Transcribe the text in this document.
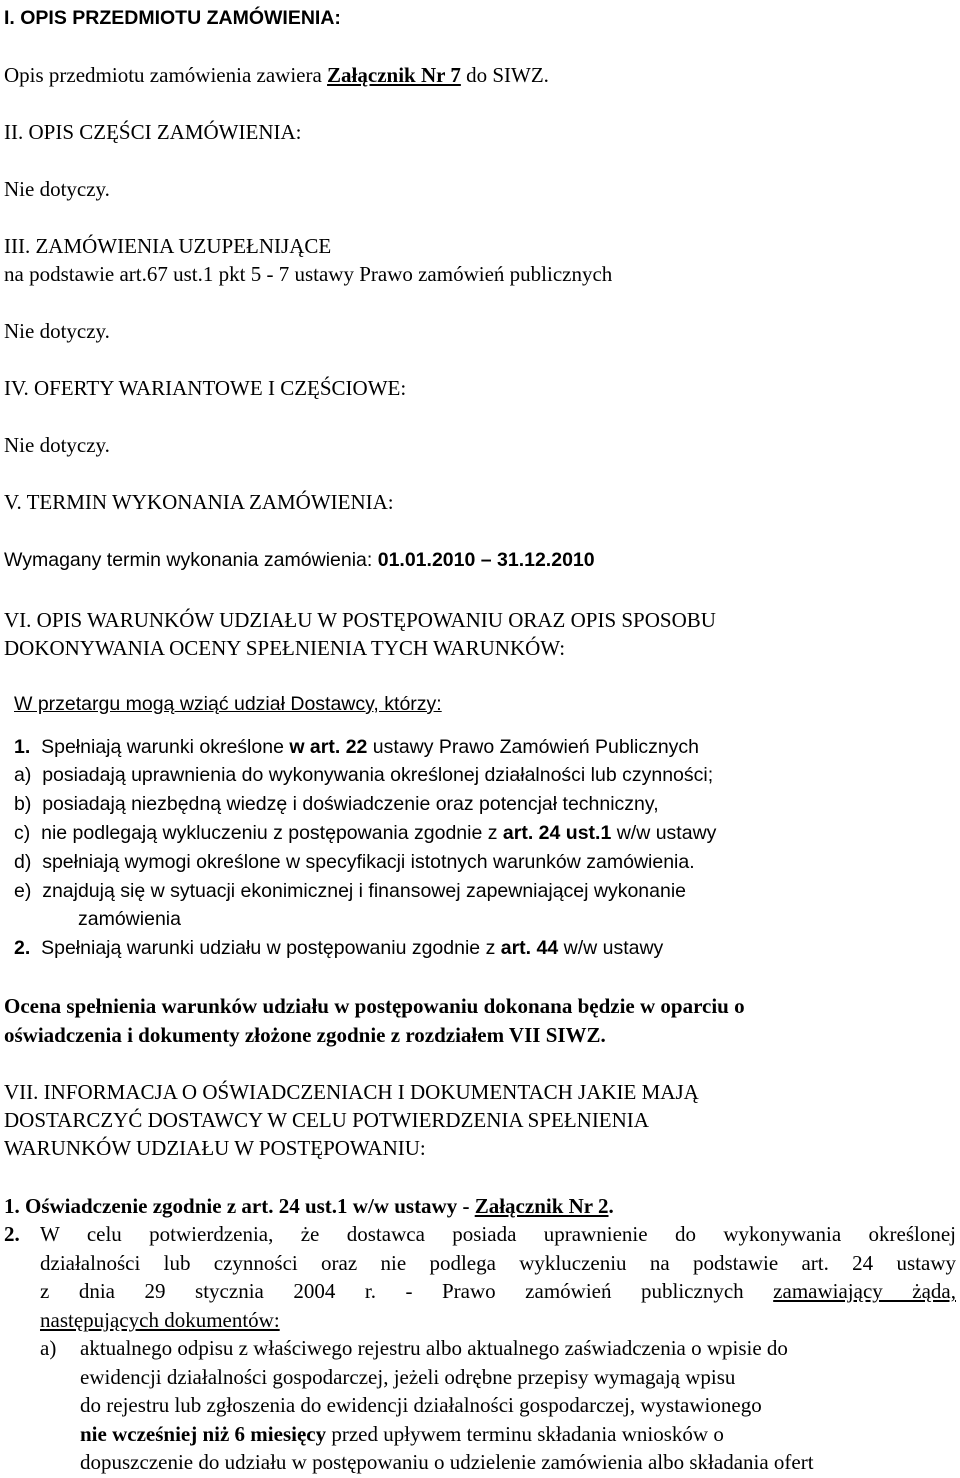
I. OPIS PRZEDMIOTU ZAMÓWIENIA:
Opis przedmiotu zamówienia zawiera Załącznik Nr 7 do SIWZ.
II. OPIS CZĘŚCI ZAMÓWIENIA:
Nie dotyczy.
III. ZAMÓWIENIA UZUPEŁNIJĄCE
na podstawie art.67 ust.1 pkt 5 - 7 ustawy Prawo zamówień publicznych
Nie dotyczy.
IV. OFERTY WARIANTOWE I CZĘŚCIOWE:
Nie dotyczy.
V. TERMIN WYKONANIA ZAMÓWIENIA:
Wymagany termin wykonania zamówienia: 01.01.2010 – 31.12.2010
VI. OPIS WARUNKÓW UDZIAŁU W POSTĘPOWANIU ORAZ OPIS SPOSOBU
DOKONYWANIA OCENY SPEŁNIENIA TYCH WARUNKÓW:
W przetargu mogą wziąć udział Dostawcy, którzy:
1. Spełniają warunki określone w art. 22 ustawy Prawo Zamówień Publicznych
a) posiadają uprawnienia do wykonywania określonej działalności lub czynności;
b) posiadają niezbędną wiedzę i doświadczenie oraz potencjał techniczny,
c) nie podlegają wykluczeniu z postępowania zgodnie z art. 24 ust.1 w/w ustawy
d) spełniają wymogi określone w specyfikacji istotnych warunków zamówienia.
e) znajdują się w sytuacji ekonimicznej i finansowej zapewniającej wykonanie
zamówienia
2. Spełniają warunki udziału w postępowaniu zgodnie z art. 44 w/w ustawy
Ocena spełnienia warunków udziału w postępowaniu dokonana będzie w oparciu o
oświadczenia i dokumenty złożone zgodnie z rozdziałem VII SIWZ.
VII. INFORMACJA O OŚWIADCZENIACH I DOKUMENTACH JAKIE MAJĄ
DOSTARCZYĆ DOSTAWCY W CELU POTWIERDZENIA SPEŁNIENIA
WARUNKÓW UDZIAŁU W POSTĘPOWANIU:
1. Oświadczenie zgodnie z art. 24 ust.1 w/w ustawy - Załącznik Nr 2.
2. W celu potwierdzenia, że dostawca posiada uprawnienie do wykonywania określonej
działalności lub czynności oraz nie podlega wykluczeniu na podstawie art. 24 ustawy
z dnia 29 stycznia 2004 r. - Prawo zamówień publicznych zamawiający żąda,
następujących dokumentów:
a) aktualnego odpisu z właściwego rejestru albo aktualnego zaświadczenia o wpisie do
ewidencji działalności gospodarczej, jeżeli odrębne przepisy wymagają wpisu
do rejestru lub zgłoszenia do ewidencji działalności gospodarczej, wystawionego
nie wcześniej niż 6 miesięcy przed upływem terminu składania wniosków o
dopuszczenie do udziału w postępowaniu o udzielenie zamówienia albo składania ofert
